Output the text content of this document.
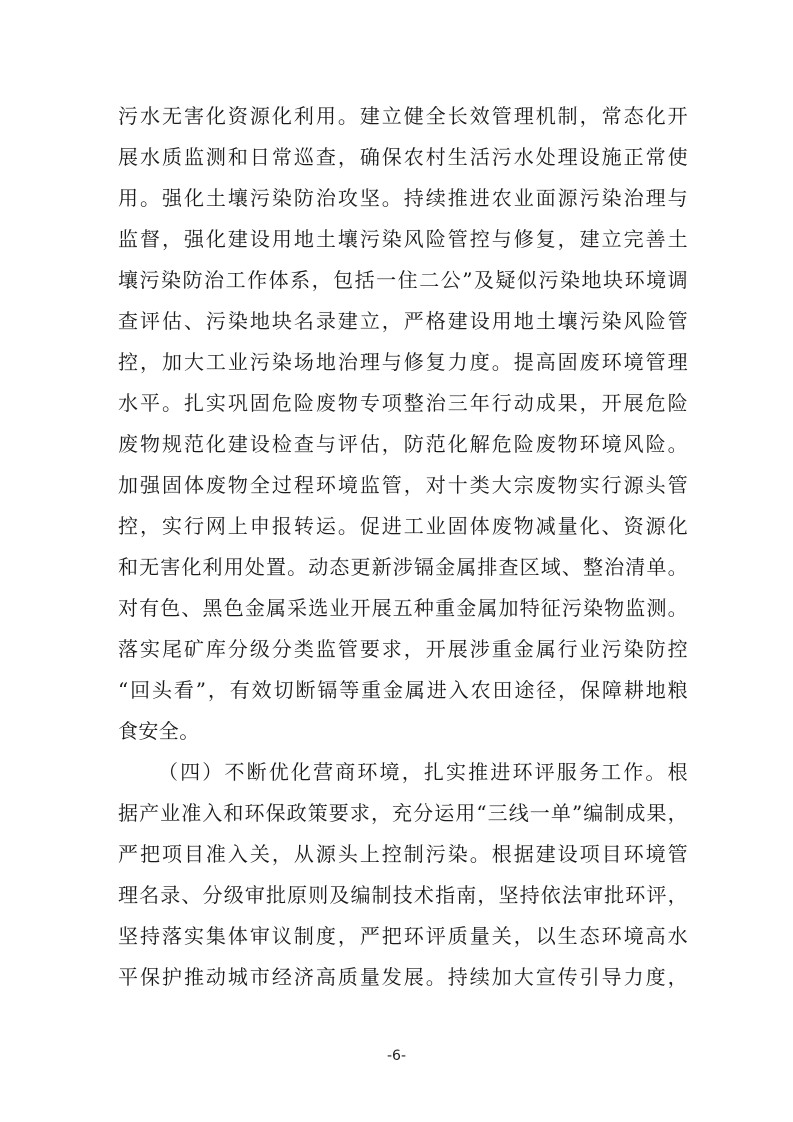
污水无害化资源化利用。建立健全长效管理机制，常态化开
展水质监测和日常巡查，确保农村生活污水处理设施正常使
用。强化土壤污染防治攻坚。持续推进农业面源污染治理与
监督，强化建设用地土壤污染风险管控与修复，建立完善土
壤污染防治工作体系，包括一住二公”及疑似污染地块环境调
查评估、污染地块名录建立，严格建设用地土壤污染风险管
控，加大工业污染场地治理与修复力度。提高固废环境管理
水平。扎实巩固危险废物专项整治三年行动成果，开展危险
废物规范化建设检查与评估，防范化解危险废物环境风险。
加强固体废物全过程环境监管，对十类大宗废物实行源头管
控，实行网上申报转运。促进工业固体废物减量化、资源化
和无害化利用处置。动态更新涉镉金属排查区域、整治清单。
对有色、黑色金属采选业开展五种重金属加特征污染物监测。
落实尾矿库分级分类监管要求，开展涉重金属行业污染防控
“回头看”，有效切断镉等重金属进入农田途径，保障耕地粮
食安全。
（四）不断优化营商环境，扎实推进环评服务工作。根
据产业准入和环保政策要求，充分运用“三线一单”编制成果，
严把项目准入关，从源头上控制污染。根据建设项目环境管
理名录、分级审批原则及编制技术指南，坚持依法审批环评，
坚持落实集体审议制度，严把环评质量关，以生态环境高水
平保护推动城市经济高质量发展。持续加大宣传引导力度，
-6-
